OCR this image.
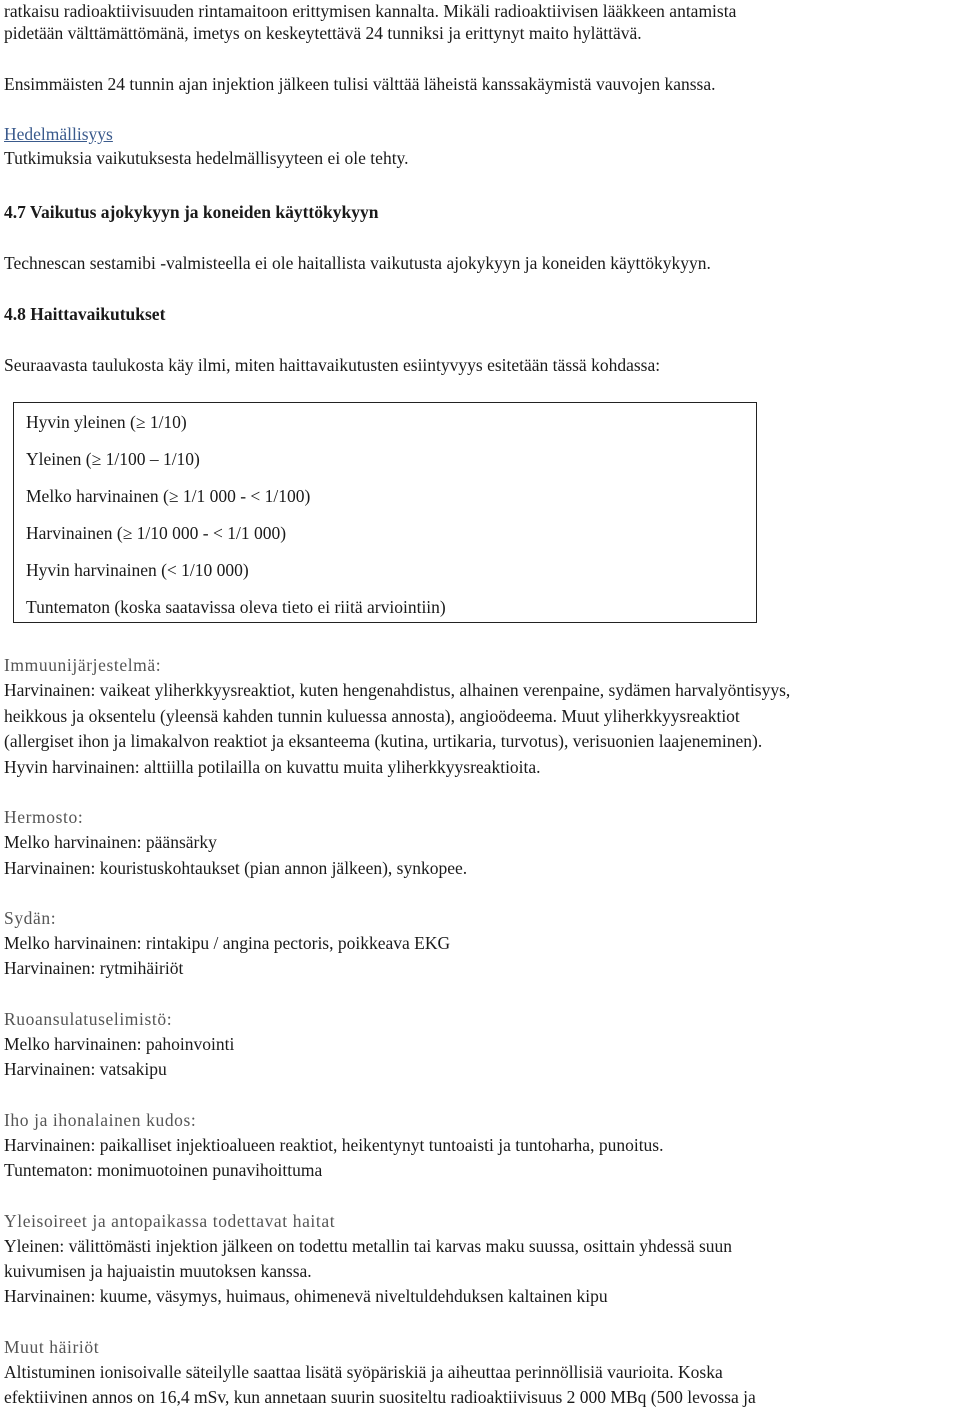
ratkaisu radioaktiivisuuden rintamaitoon erittymisen kannalta. Mikäli radioaktiivisen lääkkeen antamista
pidetään välttämättömänä, imetys on keskeytettävä 24 tunniksi ja erittynyt maito hylättävä.
Ensimmäisten 24 tunnin ajan injektion jälkeen tulisi välttää läheistä kanssakäymistä vauvojen kanssa.
Hedelmällisyys
Tutkimuksia vaikutuksesta hedelmällisyyteen ei ole tehty.
4.7 Vaikutus ajokykyyn ja koneiden käyttökykyyn
Technescan sestamibi -valmisteella ei ole haitallista vaikutusta ajokykyyn ja koneiden käyttökykyyn.
4.8 Haittavaikutukset
Seuraavasta taulukosta käy ilmi, miten haittavaikutusten esiintyvyys esitetään tässä kohdassa:
Hyvin yleinen (≥ 1/10)
Yleinen (≥ 1/100 – 1/10)
Melko harvinainen (≥ 1/1 000 - < 1/100)
Harvinainen (≥ 1/10 000 - < 1/1 000)
Hyvin harvinainen (< 1/10 000)
Tuntematon (koska saatavissa oleva tieto ei riitä arviointiin)
Immuunijärjestelmä:
Harvinainen: vaikeat yliherkkyysreaktiot, kuten hengenahdistus, alhainen verenpaine, sydämen harvalyöntisyys,
heikkous ja oksentelu (yleensä kahden tunnin kuluessa annosta), angioödeema. Muut yliherkkyysreaktiot
(allergiset ihon ja limakalvon reaktiot ja eksanteema (kutina, urtikaria, turvotus), verisuonien laajeneminen).
Hyvin harvinainen: alttiilla potilailla on kuvattu muita yliherkkyysreaktioita.
Hermosto:
Melko harvinainen: päänsärky
Harvinainen: kouristuskohtaukset (pian annon jälkeen), synkopee.
Sydän:
Melko harvinainen: rintakipu / angina pectoris, poikkeava EKG
Harvinainen: rytmihäiriöt
Ruoansulatuselimistö:
Melko harvinainen: pahoinvointi
Harvinainen: vatsakipu
Iho ja ihonalainen kudos:
Harvinainen: paikalliset injektioalueen reaktiot, heikentynyt tuntoaisti ja tuntoharha, punoitus.
Tuntematon: monimuotoinen punavihoittuma
Yleisoireet ja antopaikassa todettavat haitat
Yleinen: välittömästi injektion jälkeen on todettu metallin tai karvas maku suussa, osittain yhdessä suun
kuivumisen ja hajuaistin muutoksen kanssa.
Harvinainen: kuume, väsymys, huimaus, ohimenevä niveltuldehduksen kaltainen kipu
Muut häiriöt
Altistuminen ionisoivalle säteilylle saattaa lisätä syöpäriskiä ja aiheuttaa perinnöllisiä vaurioita. Koska
efektiivinen annos on 16,4 mSv, kun annetaan suurin suositeltu radioaktiivisuus 2 000 MBq (500 levossa ja
